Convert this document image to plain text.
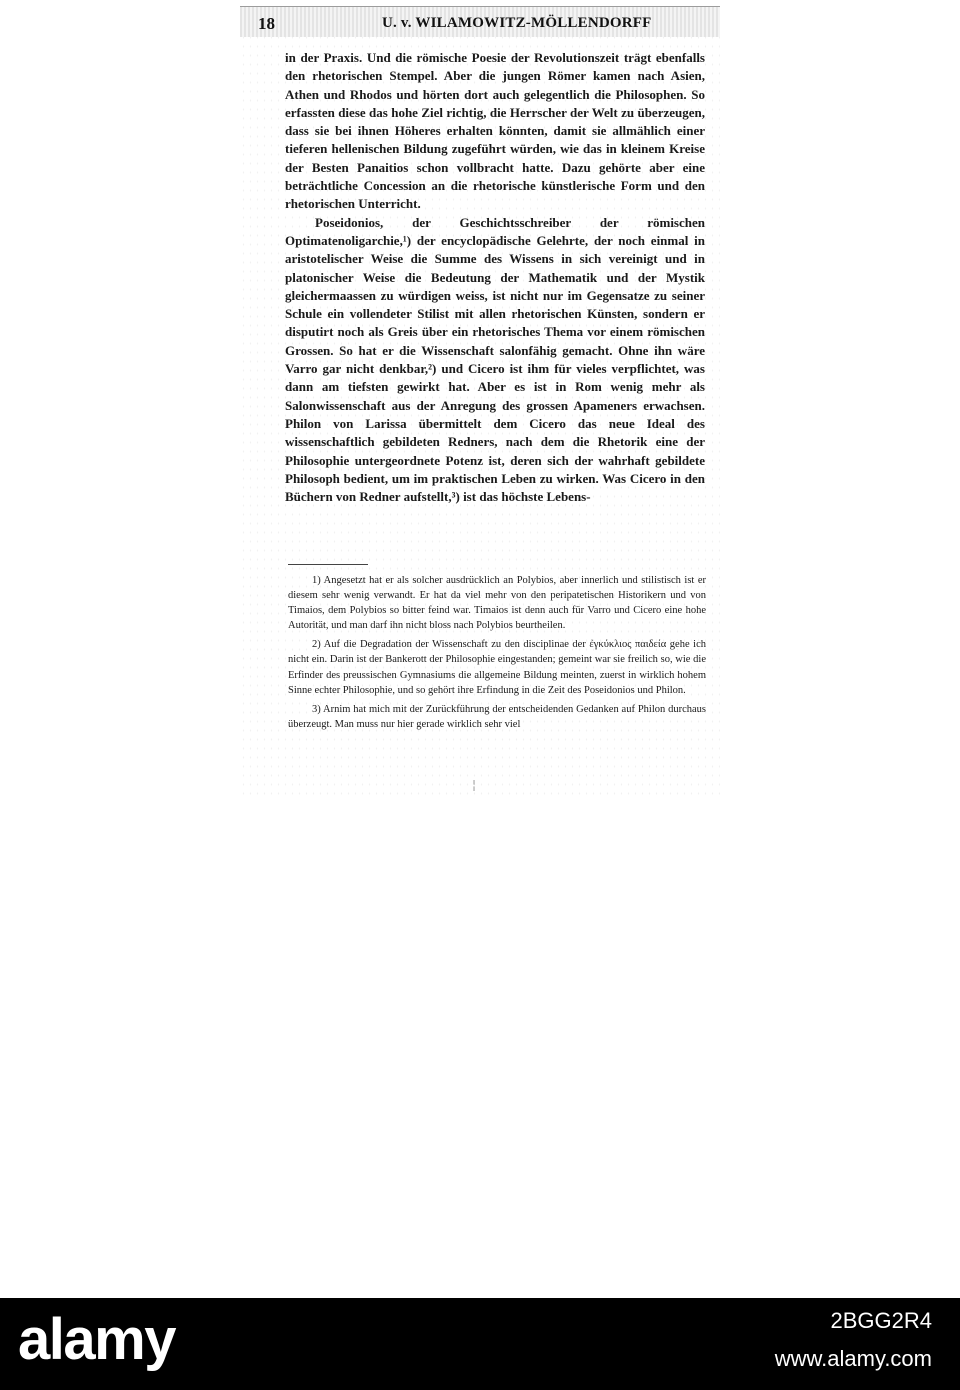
18	U. v. WILAMOWITZ-MÖLLENDORFF

in der Praxis. Und die römische Poesie der Revolutionszeit trägt ebenfalls den rhetorischen Stempel. Aber die jungen Römer kamen nach Asien, Athen und Rhodos und hörten dort auch gelegentlich die Philosophen. So erfassten diese das hohe Ziel richtig, die Herrscher der Welt zu überzeugen, dass sie bei ihnen Höheres erhalten könnten, damit sie allmählich einer tieferen hellenischen Bildung zugeführt würden, wie das in kleinem Kreise der Besten Panaitios schon vollbracht hatte. Dazu gehörte aber eine beträchtliche Concession an die rhetorische künstlerische Form und den rhetorischen Unterricht.

Poseidonios, der Geschichtsschreiber der römischen Optimatenoligarchie,¹) der encyclopädische Gelehrte, der noch einmal in aristotelischer Weise die Summe des Wissens in sich vereinigt und in platonischer Weise die Bedeutung der Mathematik und der Mystik gleichermaassen zu würdigen weiss, ist nicht nur im Gegensatze zu seiner Schule ein vollendeter Stilist mit allen rhetorischen Künsten, sondern er disputirt noch als Greis über ein rhetorisches Thema vor einem römischen Grossen. So hat er die Wissenschaft salonfähig gemacht. Ohne ihn wäre Varro gar nicht denkbar,²) und Cicero ist ihm für vieles verpflichtet, was dann am tiefsten gewirkt hat. Aber es ist in Rom wenig mehr als Salonwissenschaft aus der Anregung des grossen Apameners erwachsen. Philon von Larissa übermittelt dem Cicero das neue Ideal des wissenschaftlich gebildeten Redners, nach dem die Rhetorik eine der Philosophie untergeordnete Potenz ist, deren sich der wahrhaft gebildete Philosoph bedient, um im praktischen Leben zu wirken. Was Cicero in den Büchern von Redner aufstellt,³) ist das höchste Lebens-

1) Angesetzt hat er als solcher ausdrücklich an Polybios, aber innerlich und stilistisch ist er diesem sehr wenig verwandt. Er hat da viel mehr von den peripatetischen Historikern und von Timaios, dem Polybios so bitter feind war. Timaios ist denn auch für Varro und Cicero eine hohe Autorität, und man darf ihn nicht bloss nach Polybios beurtheilen.

2) Auf die Degradation der Wissenschaft zu den disciplinae der ἐγκύκλιος παιδεία gehe ich nicht ein. Darin ist der Bankerott der Philosophie eingestanden; gemeint war sie freilich so, wie die Erfinder des preussischen Gymnasiums die allgemeine Bildung meinten, zuerst in wirklich hohem Sinne echter Philosophie, und so gehört ihre Erfindung in die Zeit des Poseidonios und Philon.

3) Arnim hat mich mit der Zurückführung der entscheidenden Gedanken auf Philon durchaus überzeugt. Man muss nur hier gerade wirklich sehr viel

¦
alamy	2BGG2R4
www.alamy.com
